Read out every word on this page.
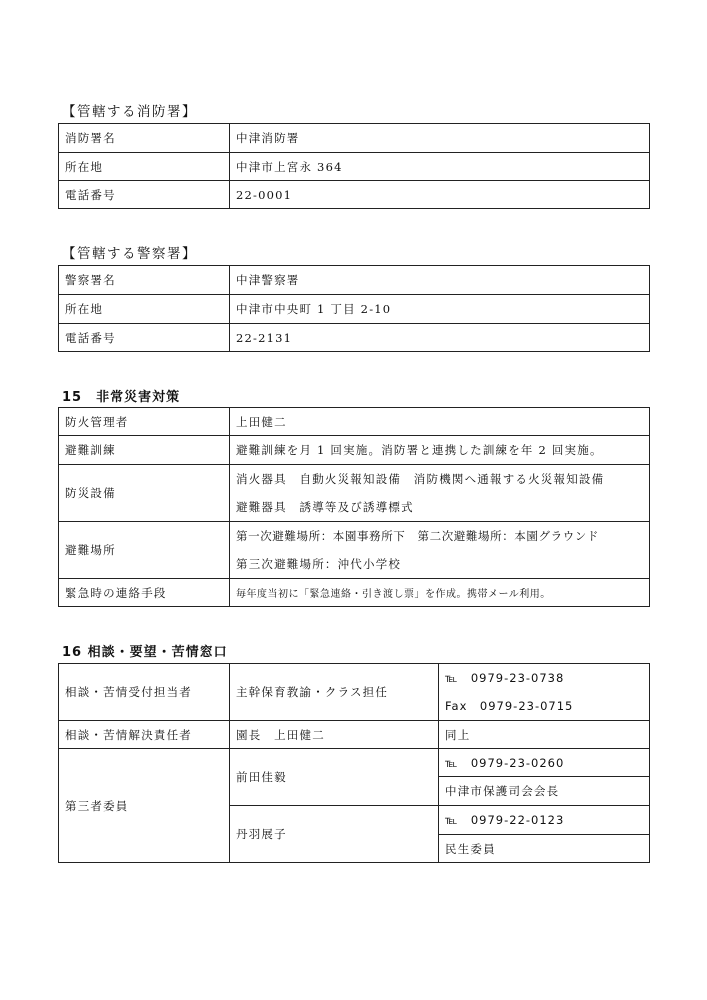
【管轄する消防署】
消防署名	中津消防署
所在地	中津市上宮永 364
電話番号	22-0001
【管轄する警察署】
警察署名	中津警察署
所在地	中津市中央町 1 丁目 2-10
電話番号	22-2131
15　非常災害対策
防火管理者	上田健二
避難訓練	避難訓練を月 1 回実施。消防署と連携した訓練を年 2 回実施。
防災設備	消火器具　自動火災報知設備　消防機関へ通報する火災報知設備
避難器具　誘導等及び誘導標式

避難場所	第一次避難場所：本園事務所下　第二次避難場所：本園グラウンド
第三次避難場所：沖代小学校

緊急時の連絡手段	毎年度当初に「緊急連絡・引き渡し票」を作成。携帯メール利用。
16 相談・要望・苦情窓口
相談・苦情受付担当者	主幹保育教諭・クラス担任	℡　0979-23-0738
Fax　0979-23-0715

相談・苦情解決責任者	園長　上田健二	同上
第三者委員	前田佳毅	℡　0979-23-0260
		中津市保護司会会長
	丹羽展子	℡　0979-22-0123
		民生委員
